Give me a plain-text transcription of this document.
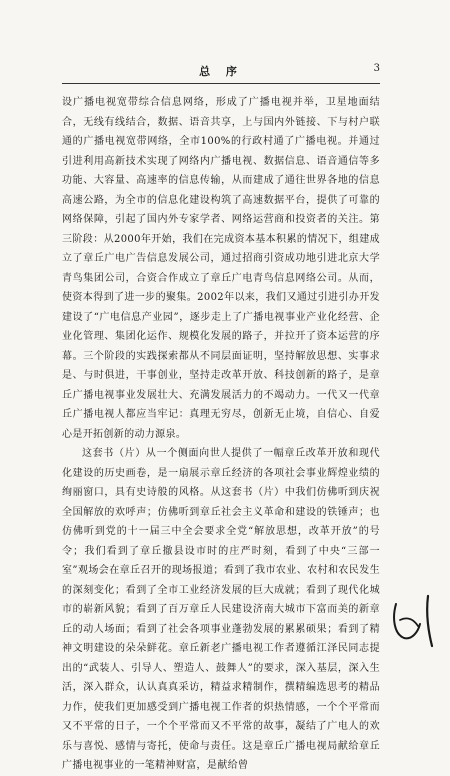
总 序	3

设广播电视宽带综合信息网络，形成了广播电视并举，卫星地面结合，无线有线结合，数据、语音共享，上与国内外链接、下与村户联通的广播电视宽带网络，全市100%的行政村通了广播电视。并通过引进利用高新技术实现了网络内广播电视、数据信息、语音通信等多功能、大容量、高速率的信息传输，从而建成了通往世界各地的信息高速公路，为全市的信息化建设构筑了高速数据平台，提供了可靠的网络保障，引起了国内外专家学者、网络运营商和投资者的关注。第三阶段：从2000年开始，我们在完成资本基本积累的情况下，组建成立了章丘广电广告信息发展公司，通过招商引资成功地引进北京大学青鸟集团公司，合资合作成立了章丘广电青鸟信息网络公司。从而，使资本得到了进一步的聚集。2002年以来，我们又通过引进引办开发建设了“广电信息产业园”，逐步走上了广播电视事业产业化经营、企业化管理、集团化运作、规模化发展的路子，并拉开了资本运营的序幕。三个阶段的实践探索都从不同层面证明，坚持解放思想、实事求是、与时俱进，干事创业，坚持走改革开放、科技创新的路子，是章丘广播电视事业发展壮大、充满发展活力的不竭动力。一代又一代章丘广播电视人都应当牢记：真理无穷尽，创新无止境，自信心、自爱心是开拓创新的动力源泉。

这套书（片）从一个侧面向世人提供了一幅章丘改革开放和现代化建设的历史画卷，是一扇展示章丘经济的各项社会事业辉煌业绩的绚丽窗口，具有史诗般的风格。从这套书（片）中我们仿佛听到庆祝全国解放的欢呼声；仿佛听到章丘社会主义革命和建设的铁锤声；也仿佛听到党的十一届三中全会要求全党“解放思想，改革开放”的号令；我们看到了章丘撤县设市时的庄严时刻，看到了中央“三部一室”观场会在章丘召开的现场报道；看到了我市农业、农村和农民发生的深刻变化；看到了全市工业经济发展的巨大成就；看到了现代化城市的崭新风貌；看到了百万章丘人民建设济南大城市下富而美的新章丘的动人场面；看到了社会各项事业蓬勃发展的累累硕果；看到了精神文明建设的朵朵鲜花。章丘新老广播电视工作者遵循江泽民同志提出的“武装人、引导人、塑造人、鼓舞人”的要求，深入基层，深入生活，深入群众，认认真真采访，精益求精制作，撰精编选思考的精品力作，使我们更加感受到广播电视工作者的炽热情感，一个个平常而又不平常的日子，一个个平常而又不平常的故事，凝结了广电人的欢乐与喜悦、感情与寄托，使命与责任。这是章丘广播电视局献给章丘广播电视事业的一笔精神财富，是献给曾
